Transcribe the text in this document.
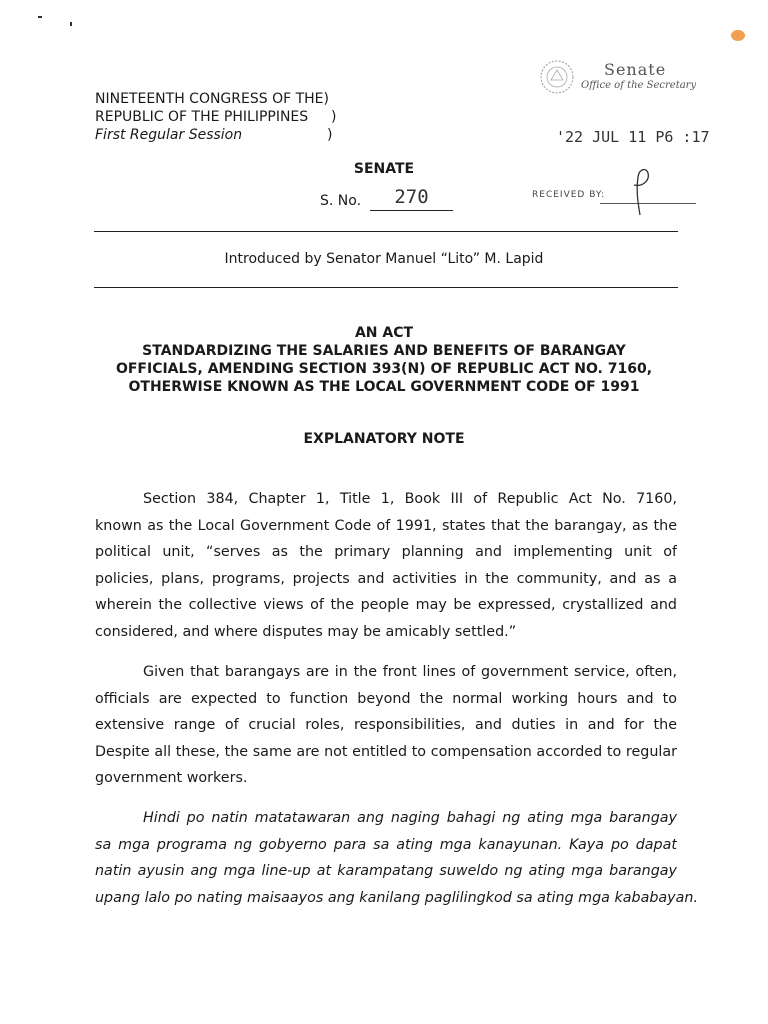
NINETEENTH CONGRESS OF THE)
REPUBLIC OF THE PHILIPPINES )
First Regular Session	)
Senate
Office of the Secretary
'22 JUL 11 P6 :17
RECEIVED BY:
SENATE
S. No.	270
Introduced by Senator Manuel “Lito” M. Lapid
AN ACT
STANDARDIZING THE SALARIES AND BENEFITS OF BARANGAY
OFFICIALS, AMENDING SECTION 393(N) OF REPUBLIC ACT NO. 7160,
OTHERWISE KNOWN AS THE LOCAL GOVERNMENT CODE OF 1991
EXPLANATORY NOTE
Section 384, Chapter 1, Title 1, Book III of Republic Act No. 7160,
known as the Local Government Code of 1991, states that the barangay, as the
political unit, “serves as the primary planning and implementing unit of
policies, plans, programs, projects and activities in the community, and as a
wherein the collective views of the people may be expressed, crystallized and
considered, and where disputes may be amicably settled.”
Given that barangays are in the front lines of government service, often,
officials are expected to function beyond the normal working hours and to
extensive range of crucial roles, responsibilities, and duties in and for the
Despite all these, the same are not entitled to compensation accorded to regular
government workers.
Hindi po natin matatawaran ang naging bahagi ng ating mga barangay
sa mga programa ng gobyerno para sa ating mga kanayunan. Kaya po dapat
natin ayusin ang mga line-up at karampatang suweldo ng ating mga barangay
upang lalo po nating maisaayos ang kanilang paglilingkod sa ating mga kababayan.
